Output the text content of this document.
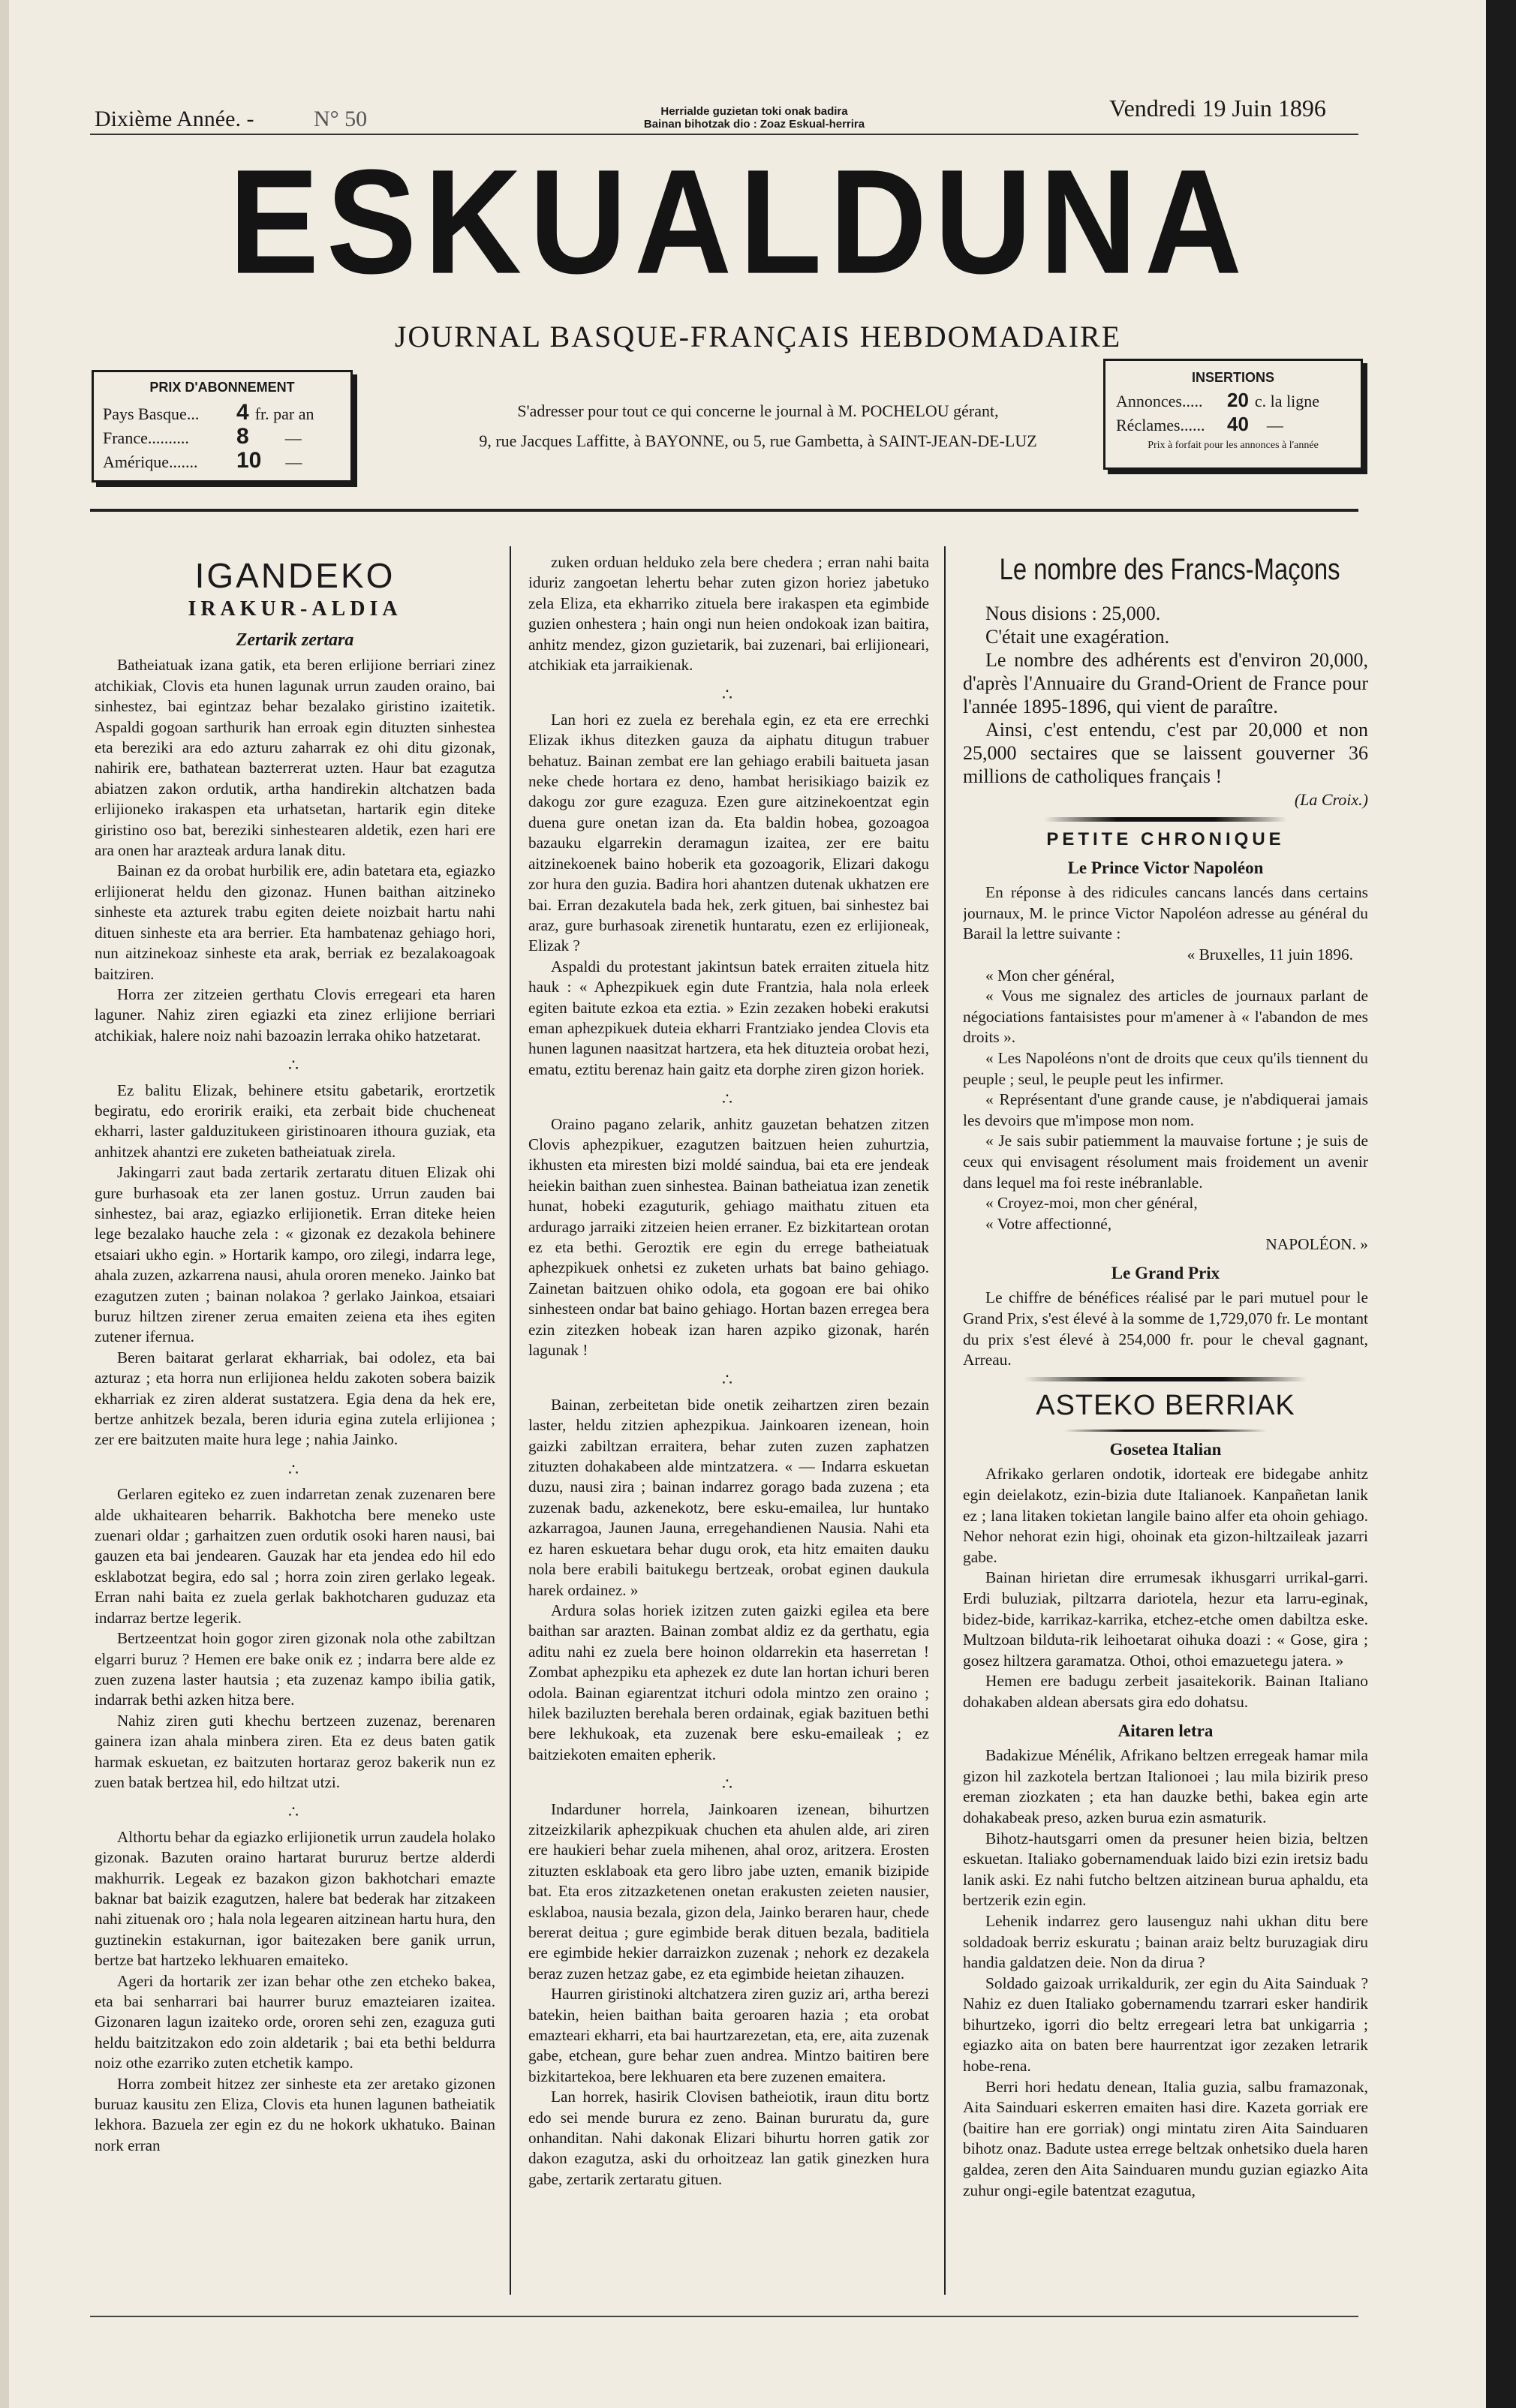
Dixième Année. -	N° 50	Herrialde guzietan toki onak badira
Bainan bihotzak dio : Zoaz Eskual-herrira
Vendredi 19 Juin 1896
ESKUALDUNA
JOURNAL BASQUE-FRANÇAIS HEBDOMADAIRE
PRIX D'ABONNEMENT
Pays Basque...	4 fr. par an
France..........	8 —
Amérique.......	10 —
S'adresser pour tout ce qui concerne le journal à M. POCHELOU gérant,
9, rue Jacques Laffitte, à BAYONNE, ou 5, rue Gambetta, à SAINT-JEAN-DE-LUZ
INSERTIONS
Annonces.....	20 c. la ligne
Réclames......	40 —
Prix à forfait pour les annonces à l'année
IGANDEKO
IRAKUR-ALDIA
Zertarik zertara

Batheiatuak izana gatik, eta beren erlijione berriari zinez atchikiak, Clovis eta hunen lagunak urrun zauden oraino, bai sinhestez, bai egintzaz behar bezalako giristino izaitetik. Aspaldi gogoan sarthurik han erroak egin dituzten sinhestea eta bereziki ara edo azturu zaharrak ez ohi ditu gizonak, nahirik ere, bathatean bazterrerat uzten. Haur bat ezagutza abiatzen zakon ordutik, artha handirekin altchatzen bada erlijioneko irakaspen eta urhatsetan, hartarik egin diteke giristino oso bat, bereziki sinhestearen aldetik, ezen hari ere ara onen har arazteak ardura lanak ditu.

Bainan ez da orobat hurbilik ere, adin batetara eta, egiazko erlijionerat heldu den gizonaz. Hunen baithan aitzineko sinheste eta azturek trabu egiten deiete noizbait hartu nahi dituen sinheste eta ara berrier. Eta hambatenaz gehiago hori, nun aitzinekoaz sinheste eta arak, berriak ez bezalakoagoak baitziren.

Horra zer zitzeien gerthatu Clovis erregeari eta haren laguner. Nahiz ziren egiazki eta zinez erlijione berriari atchikiak, halere noiz nahi bazoazin lerraka ohiko hatzetarat.

∴

Ez balitu Elizak, behinere etsitu gabetarik, erortzetik begiratu, edo eroririk eraiki, eta zerbait bide chucheneat ekharri, laster galduzitukeen giristinoaren ithoura guziak, eta anhitzek ahantzi ere zuketen batheiatuak zirela.

Jakingarri zaut bada zertarik zertaratu dituen Elizak ohi gure burhasoak eta zer lanen gostuz. Urrun zauden bai sinhestez, bai araz, egiazko erlijionetik. Erran diteke heien lege bezalako hauche zela : « gizonak ez dezakola behinere etsaiari ukho egin. » Hortarik kampo, oro zilegi, indarra lege, ahala zuzen, azkarrena nausi, ahula ororen meneko. Jainko bat ezagutzen zuten ; bainan nolakoa ? gerlako Jainkoa, etsaiari buruz hiltzen zirener zerua emaiten zeiena eta ihes egiten zutener ifernua.

Beren baitarat gerlarat ekharriak, bai odolez, eta bai azturaz ; eta horra nun erlijionea heldu zakoten sobera baizik ekharriak ez ziren alderat sustatzera. Egia dena da hek ere, bertze anhitzek bezala, beren iduria egina zutela erlijionea ; zer ere baitzuten maite hura lege ; nahia Jainko.

∴

Gerlaren egiteko ez zuen indarretan zenak zuzenaren bere alde ukhaitearen beharrik. Bakhotcha bere meneko uste zuenari oldar ; garhaitzen zuen ordutik osoki haren nausi, bai gauzen eta bai jendearen. Gauzak har eta jendea edo hil edo esklabotzat begira, edo sal ; horra zoin ziren gerlako legeak. Erran nahi baita ez zuela gerlak bakhotcharen guduzaz eta indarraz bertze legerik.

Bertzeentzat hoin gogor ziren gizonak nola othe zabiltzan elgarri buruz ? Hemen ere bake onik ez ; indarra bere alde ez zuen zuzena laster hautsia ; eta zuzenaz kampo ibilia gatik, indarrak bethi azken hitza bere.

Nahiz ziren guti khechu bertzeen zuzenaz, berenaren gainera izan ahala minbera ziren. Eta ez deus baten gatik harmak eskuetan, ez baitzuten hortaraz geroz bakerik nun ez zuen batak bertzea hil, edo hiltzat utzi.

∴

Althortu behar da egiazko erlijionetik urrun zaudela holako gizonak. Bazuten oraino hartarat bururuz bertze alderdi makhurrik. Legeak ez bazakon gizon bakhotchari emazte baknar bat baizik ezagutzen, halere bat bederak har zitzakeen nahi zituenak oro ; hala nola legearen aitzinean hartu hura, den guztinekin estakurnan, igor baitezaken bere ganik urrun, bertze bat hartzeko lekhuaren emaiteko.

Ageri da hortarik zer izan behar othe zen etcheko bakea, eta bai senharrari bai haurrer buruz emazteiaren izaitea. Gizonaren lagun izaiteko orde, ororen sehi zen, ezaguza guti heldu baitzitzakon edo zoin aldetarik ; bai eta bethi beldurra noiz othe ezarriko zuten etchetik kampo.

Horra zombeit hitzez zer sinheste eta zer aretako gizonen buruaz kausitu zen Eliza, Clovis eta hunen lagunen batheiatik lekhora. Bazuela zer egin ez du ne hokork ukhatuko. Bainan nork erran

zuken orduan helduko zela bere chedera ; erran nahi baita iduriz zangoetan lehertu behar zuten gizon horiez jabetuko zela Eliza, eta ekharriko zituela bere irakaspen eta egimbide guzien onhestera ; hain ongi nun heien ondokoak izan baitira, anhitz mendez, gizon guzietarik, bai zuzenari, bai erlijioneari, atchikiak eta jarraikienak.

∴

Lan hori ez zuela ez berehala egin, ez eta ere errechki Elizak ikhus ditezken gauza da aiphatu ditugun trabuer behatuz. Bainan zembat ere lan gehiago erabili baitueta jasan neke chede hortara ez deno, hambat herisikiago baizik ez dakogu zor gure ezaguza. Ezen gure aitzinekoentzat egin duena gure onetan izan da. Eta baldin hobea, gozoagoa bazauku elgarrekin deramagun izaitea, zer ere baitu aitzinekoenek baino hoberik eta gozoagorik, Elizari dakogu zor hura den guzia. Badira hori ahantzen dutenak ukhatzen ere bai. Erran dezakutela bada hek, zerk gituen, bai sinhestez bai araz, gure burhasoak zirenetik huntaratu, ezen ez erlijioneak, Elizak ?

Aspaldi du protestant jakintsun batek erraiten zituela hitz hauk : « Aphezpikuek egin dute Frantzia, hala nola erleek egiten baitute ezkoa eta eztia. » Ezin zezaken hobeki erakutsi eman aphezpikuek duteia ekharri Frantziako jendea Clovis eta hunen lagunen naasitzat hartzera, eta hek dituzteia orobat hezi, ematu, eztitu berenaz hain gaitz eta dorphe ziren gizon horiek.

∴

Oraino pagano zelarik, anhitz gauzetan behatzen zitzen Clovis aphezpikuer, ezagutzen baitzuen heien zuhurtzia, ikhusten eta miresten bizi moldé saindua, bai eta ere jendeak heiekin baithan zuen sinhestea. Bainan batheiatua izan zenetik hunat, hobeki ezaguturik, gehiago maithatu zituen eta ardurago jarraiki zitzeien heien erraner. Ez bizkitartean orotan ez eta bethi. Geroztik ere egin du errege batheiatuak aphezpikuek onhetsi ez zuketen urhats bat baino gehiago. Zainetan baitzuen ohiko odola, eta gogoan ere bai ohiko sinhesteen ondar bat baino gehiago. Hortan bazen erregea bera ezin zitezken hobeak izan haren azpiko gizonak, harén lagunak !

∴

Bainan, zerbeitetan bide onetik zeihartzen ziren bezain laster, heldu zitzien aphezpikua. Jainkoaren izenean, hoin gaizki zabiltzan erraitera, behar zuten zuzen zaphatzen zituzten dohakabeen alde mintzatzera. « — Indarra eskuetan duzu, nausi zira ; bainan indarrez gorago bada zuzena ; eta zuzenak badu, azkenekotz, bere esku-emailea, lur huntako azkarragoa, Jaunen Jauna, erregehandienen Nausia. Nahi eta ez haren eskuetara behar dugu orok, eta hitz emaiten dauku nola bere erabili baitukegu bertzeak, orobat eginen daukula harek ordainez. »

Ardura solas horiek izitzen zuten gaizki egilea eta bere baithan sar arazten. Bainan zombat aldiz ez da gerthatu, egia aditu nahi ez zuela bere hoinon oldarrekin eta haserretan ! Zombat aphezpiku eta aphezek ez dute lan hortan ichuri beren odola. Bainan egiarentzat itchuri odola mintzo zen oraino ; hilek baziluzten berehala beren ordainak, egiak bazituen bethi bere lekhukoak, eta zuzenak bere esku-emaileak ; ez baitziekoten emaiten epherik.

∴

Indarduner horrela, Jainkoaren izenean, bihurtzen zitzeizkilarik aphezpikuak chuchen eta ahulen alde, ari ziren ere haukieri behar zuela mihenen, ahal oroz, aritzera. Erosten zituzten esklaboak eta gero libro jabe uzten, emanik bizipide bat. Eta eros zitzazketenen onetan erakusten zeieten nausier, esklaboa, nausia bezala, gizon dela, Jainko beraren haur, chede bererat deitua ; gure egimbide berak dituen bezala, baditiela ere egimbide hekier darraizkon zuzenak ; nehork ez dezakela beraz zuzen hetzaz gabe, ez eta egimbide heietan zihauzen.

Haurren giristinoki altchatzera ziren guziz ari, artha berezi batekin, heien baithan baita geroaren hazia ; eta orobat emazteari ekharri, eta bai haurtzarezetan, eta, ere, aita zuzenak gabe, etchean, gure behar zuen andrea. Mintzo baitiren bere bizkitartekoa, bere lekhuaren eta bere zuzenen emaitera.

Lan horrek, hasirik Clovisen batheiotik, iraun ditu bortz edo sei mende burura ez zeno. Bainan bururatu da, gure onhanditan. Nahi dakonak Elizari bihurtu horren gatik zor dakon ezagutza, aski du orhoitzeaz lan gatik ginezken hura gabe, zertarik zertaratu gituen.

Le nombre des Francs-Maçons

Nous disions : 25,000.

C'était une exagération.

Le nombre des adhérents est d'environ 20,000, d'après l'Annuaire du Grand-Orient de France pour l'année 1895-1896, qui vient de paraître.

Ainsi, c'est entendu, c'est par 20,000 et non 25,000 sectaires que se laissent gouverner 36 millions de catholiques français !

(La Croix.)
PETITE CHRONIQUE
Le Prince Victor Napoléon

En réponse à des ridicules cancans lancés dans certains journaux, M. le prince Victor Napoléon adresse au général du Barail la lettre suivante :

« Bruxelles, 11 juin 1896.

« Mon cher général,

« Vous me signalez des articles de journaux parlant de négociations fantaisistes pour m'amener à « l'abandon de mes droits ».

« Les Napoléons n'ont de droits que ceux qu'ils tiennent du peuple ; seul, le peuple peut les infirmer.

« Représentant d'une grande cause, je n'abdiquerai jamais les devoirs que m'impose mon nom.

« Je sais subir patiemment la mauvaise fortune ; je suis de ceux qui envisagent résolument mais froidement un avenir dans lequel ma foi reste inébranlable.

« Croyez-moi, mon cher général,

« Votre affectionné,

NAPOLÉON. »
Le Grand Prix

Le chiffre de bénéfices réalisé par le pari mutuel pour le Grand Prix, s'est élevé à la somme de 1,729,070 fr. Le montant du prix s'est élevé à 254,000 fr. pour le cheval gagnant, Arreau.

ASTEKO BERRIAK
Gosetea Italian

Afrikako gerlaren ondotik, idorteak ere bidegabe anhitz egin deielakotz, ezin-bizia dute Italianoek. Kanpañetan lanik ez ; lana litaken tokietan langile baino alfer eta ohoin gehiago. Nehor nehorat ezin higi, ohoinak eta gizon-hiltzaileak jazarri gabe.

Bainan hirietan dire errumesak ikhusgarri urrikal-garri. Erdi buluziak, piltzarra dariotela, hezur eta larru-eginak, bidez-bide, karrikaz-karrika, etchez-etche omen dabiltza eske. Multzoan bilduta-rik leihoetarat oihuka doazi : « Gose, gira ; gosez hiltzera garamatza. Othoi, othoi emazuetegu jatera. »

Hemen ere badugu zerbeit jasaitekorik. Bainan Italiano dohakaben aldean abersats gira edo dohatsu.

Aitaren letra

Badakizue Ménélik, Afrikano beltzen erregeak hamar mila gizon hil zazkotela bertzan Italionoei ; lau mila bizirik preso ereman ziozkaten ; eta han dauzke bethi, bakea egin arte dohakabeak preso, azken burua ezin asmaturik.

Bihotz-hautsgarri omen da presuner heien bizia, beltzen eskuetan. Italiako gobernamenduak laido bizi ezin iretsiz badu lanik aski. Ez nahi futcho beltzen aitzinean burua aphaldu, eta bertzerik ezin egin.

Lehenik indarrez gero lausenguz nahi ukhan ditu bere soldadoak berriz eskuratu ; bainan araiz beltz buruzagiak diru handia galdatzen deie. Non da dirua ?

Soldado gaizoak urrikaldurik, zer egin du Aita Sainduak ? Nahiz ez duen Italiako gobernamendu tzarrari esker handirik bihurtzeko, igorri dio beltz erregeari letra bat unkigarria ; egiazko aita on baten bere haurrentzat igor zezaken letrarik hobe-rena.

Berri hori hedatu denean, Italia guzia, salbu framazonak, Aita Sainduari eskerren emaiten hasi dire. Kazeta gorriak ere (baitire han ere gorriak) ongi mintatu ziren Aita Sainduaren bihotz onaz. Badute ustea errege beltzak onhetsiko duela haren galdea, zeren den Aita Sainduaren mundu guzian egiazko Aita zuhur ongi-egile batentzat ezagutua,
